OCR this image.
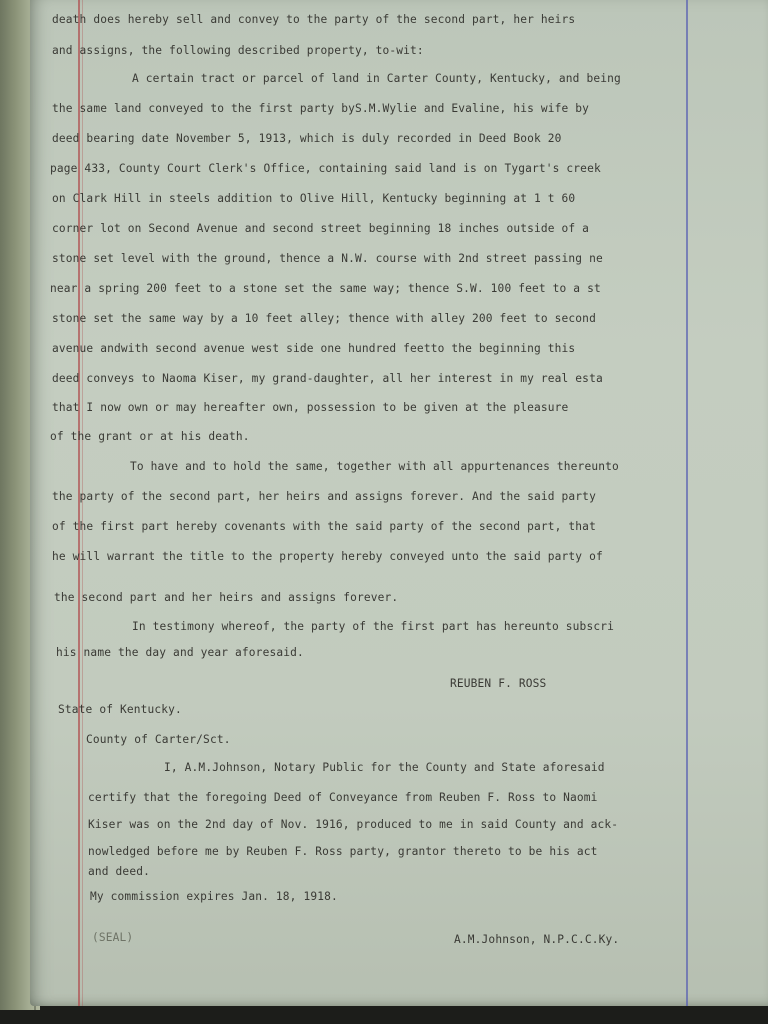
death does hereby sell and convey to the party of the second part, her heirs
and assigns, the following described property, to-wit:
A certain tract or parcel of land in Carter County, Kentucky, and being
the same land conveyed to the first party byS.M.Wylie and Evaline, his wife by
deed bearing date November 5, 1913, which is duly recorded in Deed Book 20
page 433, County Court Clerk's Office, containing said land is on Tygart's creek
on Clark Hill in steels addition to Olive Hill, Kentucky beginning at 1 t 60
corner lot on Second Avenue and second street beginning 18 inches outside of a
stone set level with the ground, thence a N.W. course with 2nd street passing ne
near a spring 200 feet to a stone set the same way; thence S.W. 100 feet to a st
stone set the same way by a 10 feet alley; thence with alley 200 feet to second
avenue andwith second avenue west side one hundred feetto the beginning this
deed conveys to Naoma Kiser, my grand-daughter, all her interest in my real esta
that I now own or may hereafter own, possession to be given at the pleasure
of the grant or at his death.
To have and to hold the same, together with all appurtenances thereunto
the party of the second part, her heirs and assigns forever. And the said party
of the first part hereby covenants with the said party of the second part, that
he will warrant the title to the property hereby conveyed unto the said party of
the second part and her heirs and assigns forever.
In testimony whereof, the party of the first part has hereunto subscri
his name the day and year aforesaid.
REUBEN F. ROSS
State of Kentucky.
County of Carter/Sct.
I, A.M.Johnson, Notary Public for the County and State aforesaid
certify that the foregoing Deed of Conveyance from Reuben F. Ross to Naomi
Kiser was on the 2nd day of Nov. 1916, produced to me in said County and ack-
nowledged before me by Reuben F. Ross party, grantor thereto to be his act
and deed.
My commission expires Jan. 18, 1918.
(SEAL)	A.M.Johnson, N.P.C.C.Ky.
